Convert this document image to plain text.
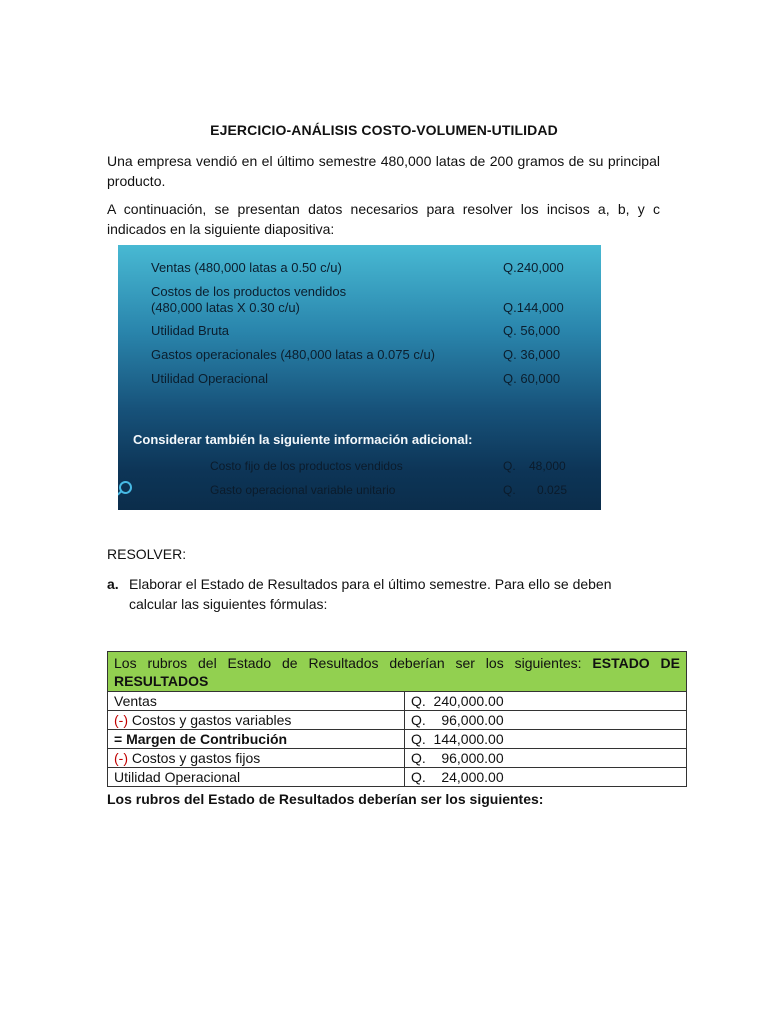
EJERCICIO-ANÁLISIS COSTO-VOLUMEN-UTILIDAD
Una empresa vendió en el último semestre 480,000 latas de 200 gramos de su principal producto.
A continuación, se presentan datos necesarios para resolver los incisos a, b, y c indicados en la siguiente diapositiva:
Ventas (480,000 latas a 0.50 c/u)	Q.240,000
Costos de los productos vendidos
(480,000 latas X 0.30 c/u)	Q.144,000
Utilidad Bruta	Q. 56,000
Gastos operacionales (480,000 latas a 0.075 c/u)	Q. 36,000
Utilidad Operacional	Q. 60,000
Considerar también la siguiente información adicional:
Costo fijo de los productos vendidos	Q. 48,000
Gasto operacional variable unitario	Q. 0.025
RESOLVER:
a. Elaborar el Estado de Resultados para el último semestre. Para ello se deben calcular las siguientes fórmulas:
Los rubros del Estado de Resultados deberían ser los siguientes: ESTADO DE RESULTADOS	
Ventas	Q.  240,000.00
(-) Costos y gastos variables	Q.    96,000.00
= Margen de Contribución	Q.  144,000.00
(-) Costos y gastos fijos	Q.    96,000.00
Utilidad Operacional	Q.    24,000.00
Los rubros del Estado de Resultados deberían ser los siguientes:
